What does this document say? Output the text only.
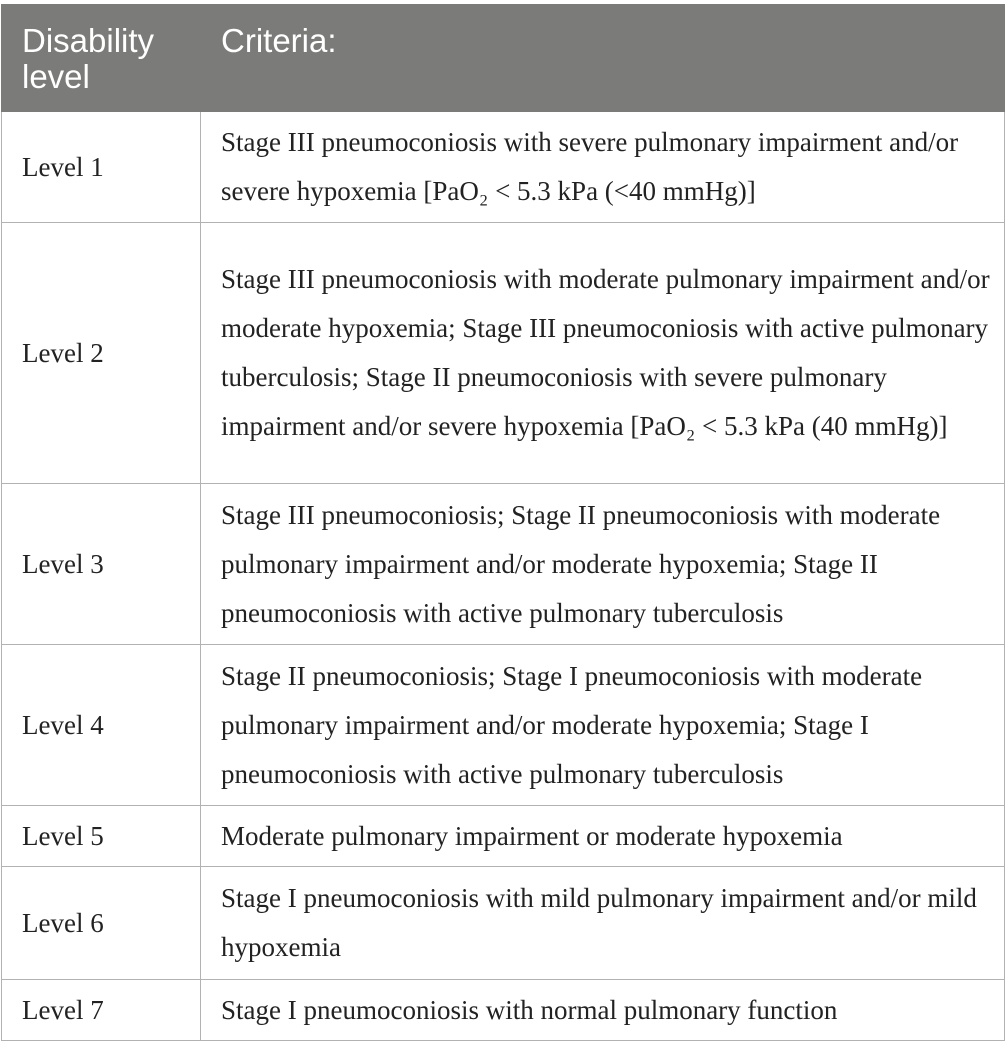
Disability level	Criteria:
Level 1	Stage III pneumoconiosis with severe pulmonary impairment and/or severe hypoxemia [PaO₂ < 5.3 kPa (<40 mmHg)]
Level 2	Stage III pneumoconiosis with moderate pulmonary impairment and/or moderate hypoxemia; Stage III pneumoconiosis with active pulmonary tuberculosis; Stage II pneumoconiosis with severe pulmonary impairment and/or severe hypoxemia [PaO₂ < 5.3 kPa (40 mmHg)]
Level 3	Stage III pneumoconiosis; Stage II pneumoconiosis with moderate pulmonary impairment and/or moderate hypoxemia; Stage II pneumoconiosis with active pulmonary tuberculosis
Level 4	Stage II pneumoconiosis; Stage I pneumoconiosis with moderate pulmonary impairment and/or moderate hypoxemia; Stage I pneumoconiosis with active pulmonary tuberculosis
Level 5	Moderate pulmonary impairment or moderate hypoxemia
Level 6	Stage I pneumoconiosis with mild pulmonary impairment and/or mild hypoxemia
Level 7	Stage I pneumoconiosis with normal pulmonary function
